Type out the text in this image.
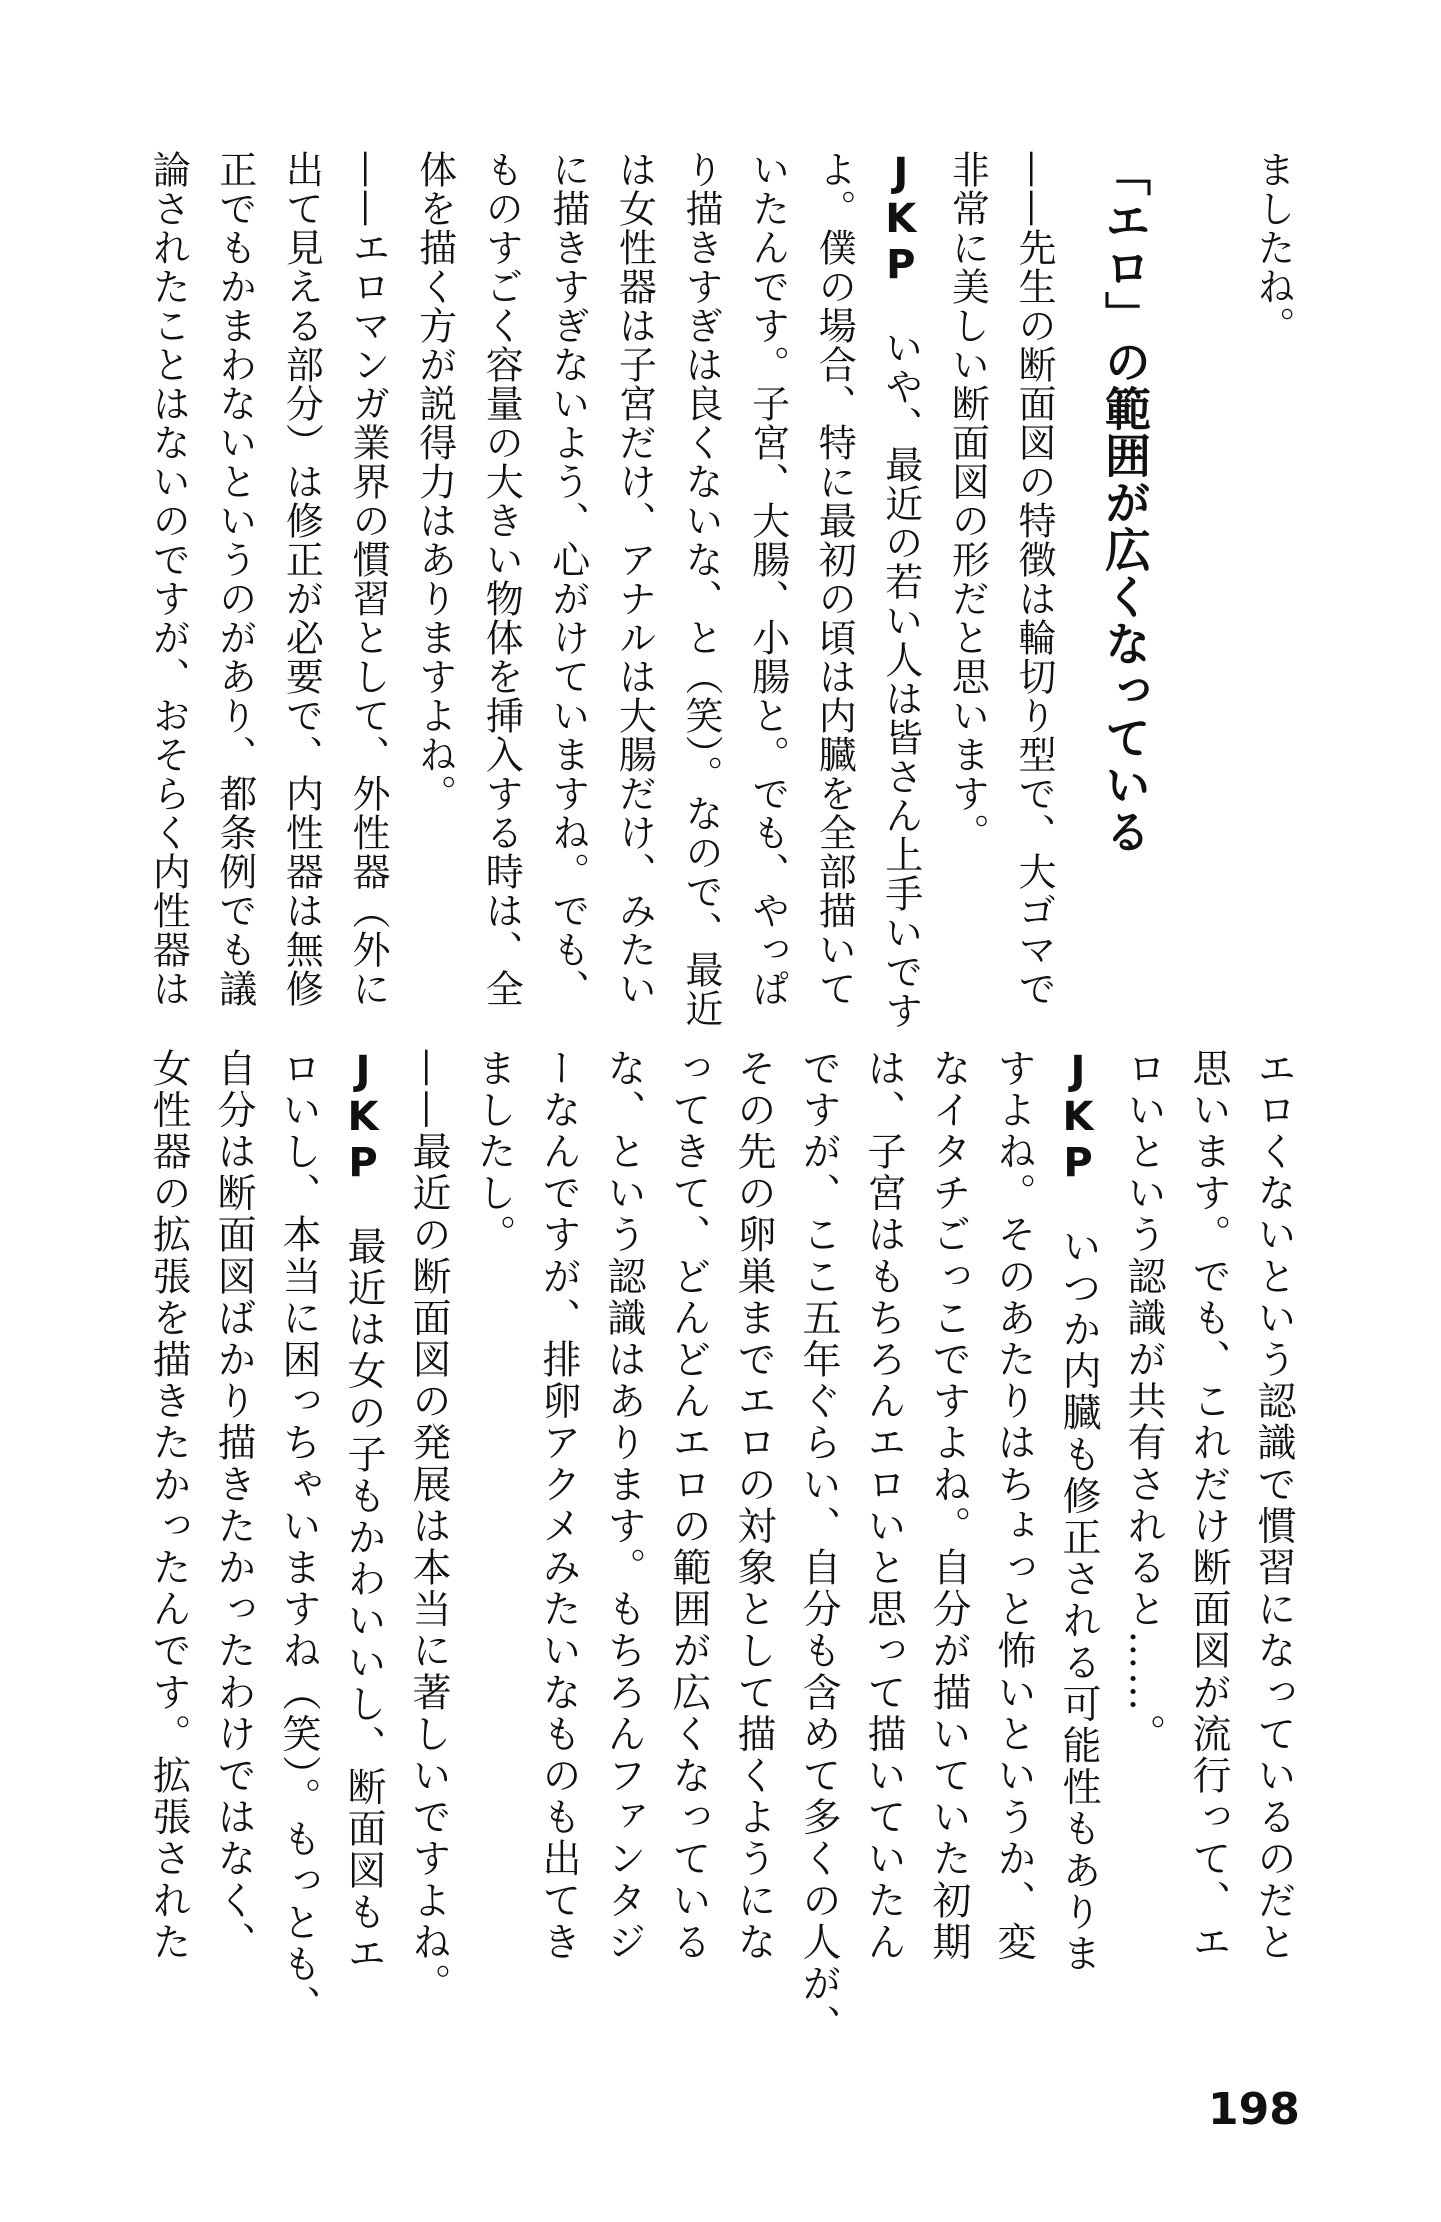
ましたね。
——先生の断面図の特徴は輪切り型で、大ゴマで
非常に美しい断面図の形だと思います。
JKPいや、最近の若い人は皆さん上手いです
よ。僕の場合、特に最初の頃は内臓を全部描いて
いたんです。子宮、大腸、小腸と。でも、やっぱ
り描きすぎは良くないな、と（笑）。なので、最近
は女性器は子宮だけ、アナルは大腸だけ、みたい
に描きすぎないよう、心がけていますね。でも、
ものすごく容量の大きい物体を挿入する時は、全
体を描く方が説得力はありますよね。
——エロマンガ業界の慣習として、外性器（外に
出て見える部分）は修正が必要で、内性器は無修
正でもかまわないというのがあり、都条例でも議
論されたことはないのですが、おそらく内性器は	「エロ」の範囲が広くなっている
エロくないという認識で慣習になっているのだと
思います。でも、これだけ断面図が流行って、エ
ロいという認識が共有されると……。
JKPいつか内臓も修正される可能性もありま
すよね。そのあたりはちょっと怖いというか、変
なイタチごっこですよね。自分が描いていた初期
は、子宮はもちろんエロいと思って描いていたん
ですが、ここ五年ぐらい、自分も含めて多くの人が、
その先の卵巣までエロの対象として描くようにな
ってきて、どんどんエロの範囲が広くなっている
な、という認識はあります。もちろんファンタジ
ーなんですが、排卵アクメみたいなものも出てき
ましたし。
——最近の断面図の発展は本当に著しいですよね。
JKP最近は女の子もかわいいし、断面図もエ
ロいし、本当に困っちゃいますね（笑）。もっとも、
自分は断面図ばかり描きたかったわけではなく、
女性器の拡張を描きたかったんです。拡張された
198
